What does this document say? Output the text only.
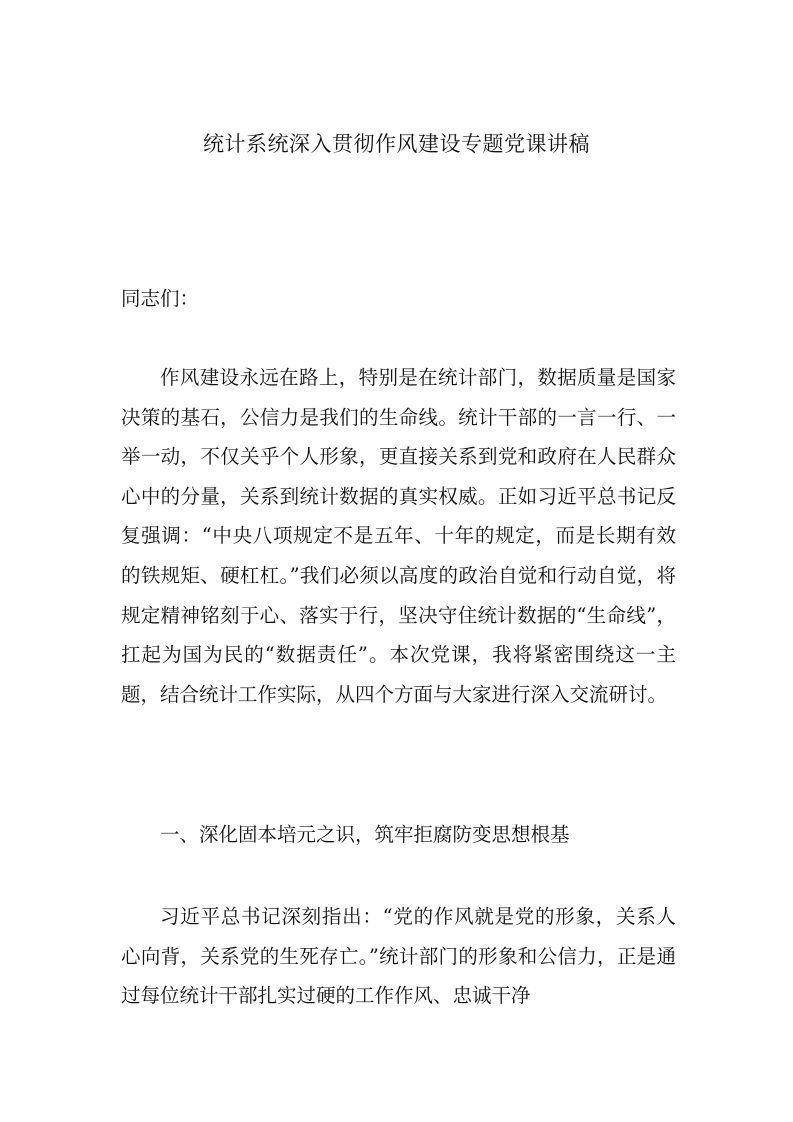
统计系统深入贯彻作风建设专题党课讲稿
同志们：

作风建设永远在路上，特别是在统计部门，数据质量是国家决策的基石，公信力是我们的生命线。统计干部的一言一行、一举一动，不仅关乎个人形象，更直接关系到党和政府在人民群众心中的分量，关系到统计数据的真实权威。正如习近平总书记反复强调：“中央八项规定不是五年、十年的规定，而是长期有效的铁规矩、硬杠杠。”我们必须以高度的政治自觉和行动自觉，将规定精神铭刻于心、落实于行，坚决守住统计数据的“生命线”，扛起为国为民的“数据责任”。本次党课，我将紧密围绕这一主题，结合统计工作实际，从四个方面与大家进行深入交流研讨。

一、深化固本培元之识，筑牢拒腐防变思想根基

习近平总书记深刻指出：“党的作风就是党的形象，关系人心向背，关系党的生死存亡。”统计部门的形象和公信力，正是通过每位统计干部扎实过硬的工作作风、忠诚干净
